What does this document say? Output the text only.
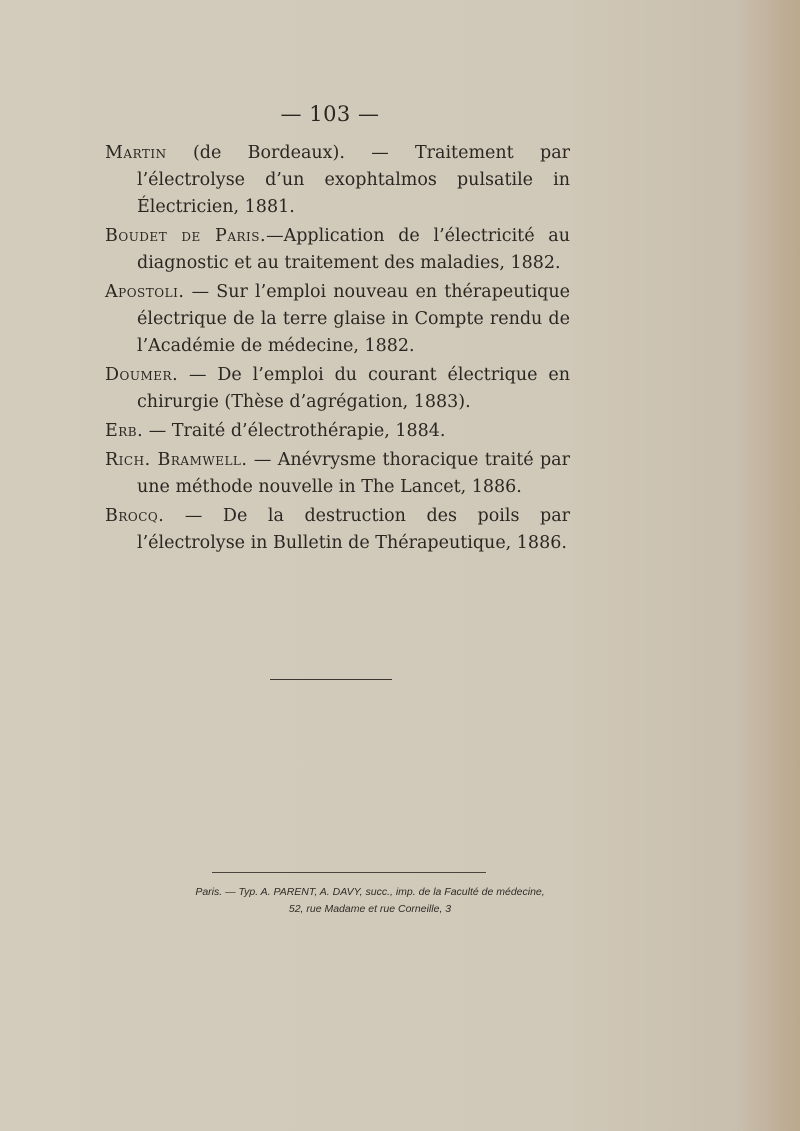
— 103 —

Martin (de Bordeaux). — Traitement par l’électrolyse d’un exophtalmos pulsatile in Électricien, 1881.

Boudet de Paris.—Application de l’électricité au diagnostic et au traitement des maladies, 1882.

Apostoli. — Sur l’emploi nouveau en thérapeutique électrique de la terre glaise in Compte rendu de l’Académie de médecine, 1882.

Doumer. — De l’emploi du courant électrique en chirurgie (Thèse d’agrégation, 1883).

Erb. — Traité d’électrothérapie, 1884.

Rich. Bramwell. — Anévrysme thoracique traité par une méthode nouvelle in The Lancet, 1886.

Brocq. — De la destruction des poils par l’électrolyse in Bulletin de Thérapeutique, 1886.

Paris. — Typ. A. PARENT, A. DAVY, succ., imp. de la Faculté de médecine,
52, rue Madame et rue Corneille, 3
